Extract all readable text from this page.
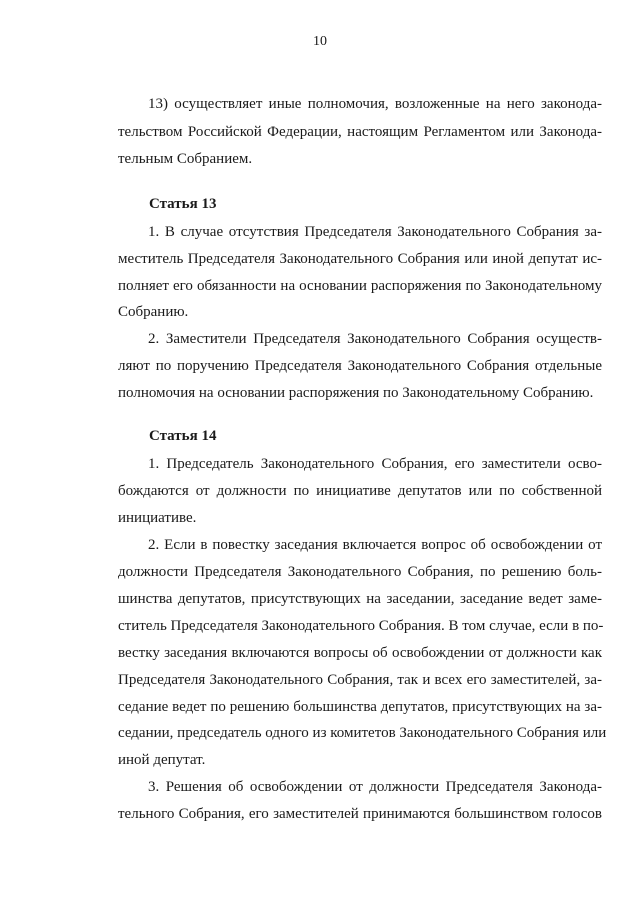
10
13) осуществляет иные полномочия, возложенные на него законода-
тельством Российской Федерации, настоящим Регламентом или Законода-
тельным Собранием.
Статья 13
1. В случае отсутствия Председателя Законодательного Собрания за-
меститель Председателя Законодательного Собрания или иной депутат ис-
полняет его обязанности на основании распоряжения по Законодательному
Собранию.
2. Заместители Председателя Законодательного Собрания осуществ-
ляют по поручению Председателя Законодательного Собрания отдельные
полномочия на основании распоряжения по Законодательному Собранию.
Статья 14
1. Председатель Законодательного Собрания, его заместители осво-
бождаются от должности по инициативе депутатов или по собственной
инициативе.
2. Если в повестку заседания включается вопрос об освобождении от
должности Председателя Законодательного Собрания, по решению боль-
шинства депутатов, присутствующих на заседании, заседание ведет заме-
ститель Председателя Законодательного Собрания. В том случае, если в по-
вестку заседания включаются вопросы об освобождении от должности как
Председателя Законодательного Собрания, так и всех его заместителей, за-
седание ведет по решению большинства депутатов, присутствующих на за-
седании, председатель одного из комитетов Законодательного Собрания или
иной депутат.
3. Решения об освобождении от должности Председателя Законода-
тельного Собрания, его заместителей принимаются большинством голосов
